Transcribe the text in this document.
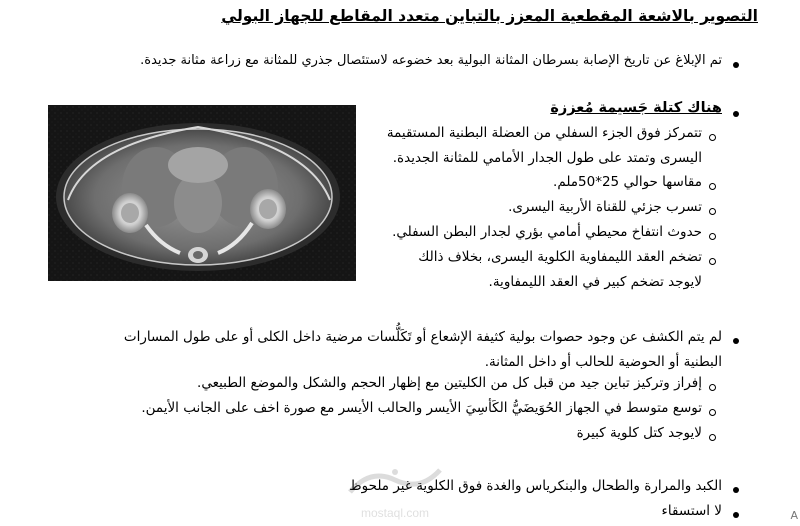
التصوير بالاشعة المقطعية المعزز بالتباين متعدد المقاطع للجهاز البولي
تم الإبلاغ عن تاريخ الإصابة بسرطان المثانة البولية بعد خضوعه لاستئصال جذري للمثانة مع زراعة مثانة جديدة.
هناك كتلة جَسيمة مُعززة
تتمركز فوق الجزء السفلي من العضلة البطنية المستقيمة
اليسرى وتمتد على طول الجدار الأمامي للمثانة الجديدة.
مقاسها حوالي 25*50ملم.
تسرب جزئي للقناة الأربية اليسرى.
حدوث انتفاخ محيطي أمامي بؤري لجدار البطن السفلي.
تضخم العقد الليمفاوية الكلوية اليسرى، بخلاف ذالك
لايوجد تضخم كبير في العقد الليمفاوية.
لم يتم الكشف عن وجود حصوات بولية كثيفة الإشعاع أو تَكَلُّسات مرضية داخل الكلى أو على طول المسارات
البطنية أو الحوضية للحالب أو داخل المثانة.
إفراز وتركيز تباين جيد من قبل كل من الكليتين مع إظهار الحجم والشكل والموضع الطبيعي.
توسع متوسط في الجهاز الحُوَيضَيُّ الكَأسِيَ الأيسر والحالب الأيسر مع صورة اخف على الجانب الأيمن.
لايوجد كتل كلوية كبيرة
الكبد والمرارة والطحال والبنكرياس والغدة فوق الكلوية غير ملحوظ
لا استسقاء
mostaql.com	A
